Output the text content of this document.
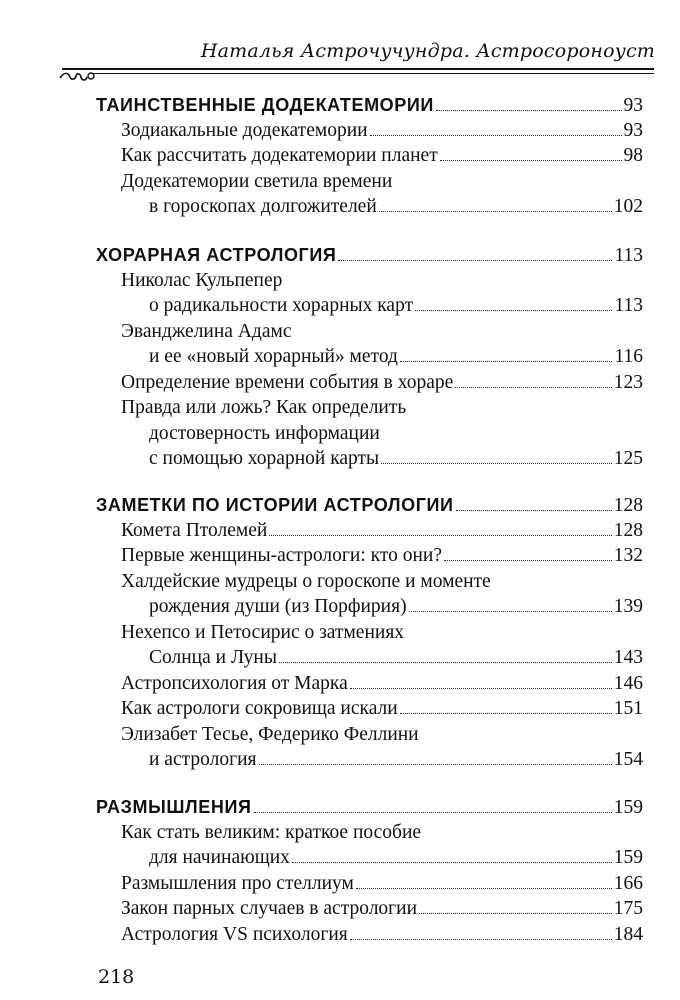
Наталья Астрочучундра. Астросороноуст
ТАИНСТВЕННЫЕ ДОДЕКАТЕМОРИИ	93
Зодиакальные додекатемории	93
Как рассчитать додекатемории планет	98
Додекатемории светила времени
в гороскопах долгожителей	102
ХОРАРНАЯ АСТРОЛОГИЯ	113
Николас Кульпепер
о радикальности хорарных карт	113
Эванджелина Адамс
и ее «новый хорарный» метод	116
Определение времени события в хораре	123
Правда или ложь? Как определить
достоверность информации
с помощью хорарной карты	125
ЗАМЕТКИ ПО ИСТОРИИ АСТРОЛОГИИ	128
Комета Птолемей	128
Первые женщины-астрологи: кто они?	132
Халдейские мудрецы о гороскопе и моменте
рождения души (из Порфирия)	139
Нехепсо и Петосирис о затмениях
Солнца и Луны	143
Астропсихология от Марка	146
Как астрологи сокровища искали	151
Элизабет Тесье, Федерико Феллини
и астрология	154
РАЗМЫШЛЕНИЯ	159
Как стать великим: краткое пособие
для начинающих	159
Размышления про стеллиум	166
Закон парных случаев в астрологии	175
Астрология VS психология	184
218
